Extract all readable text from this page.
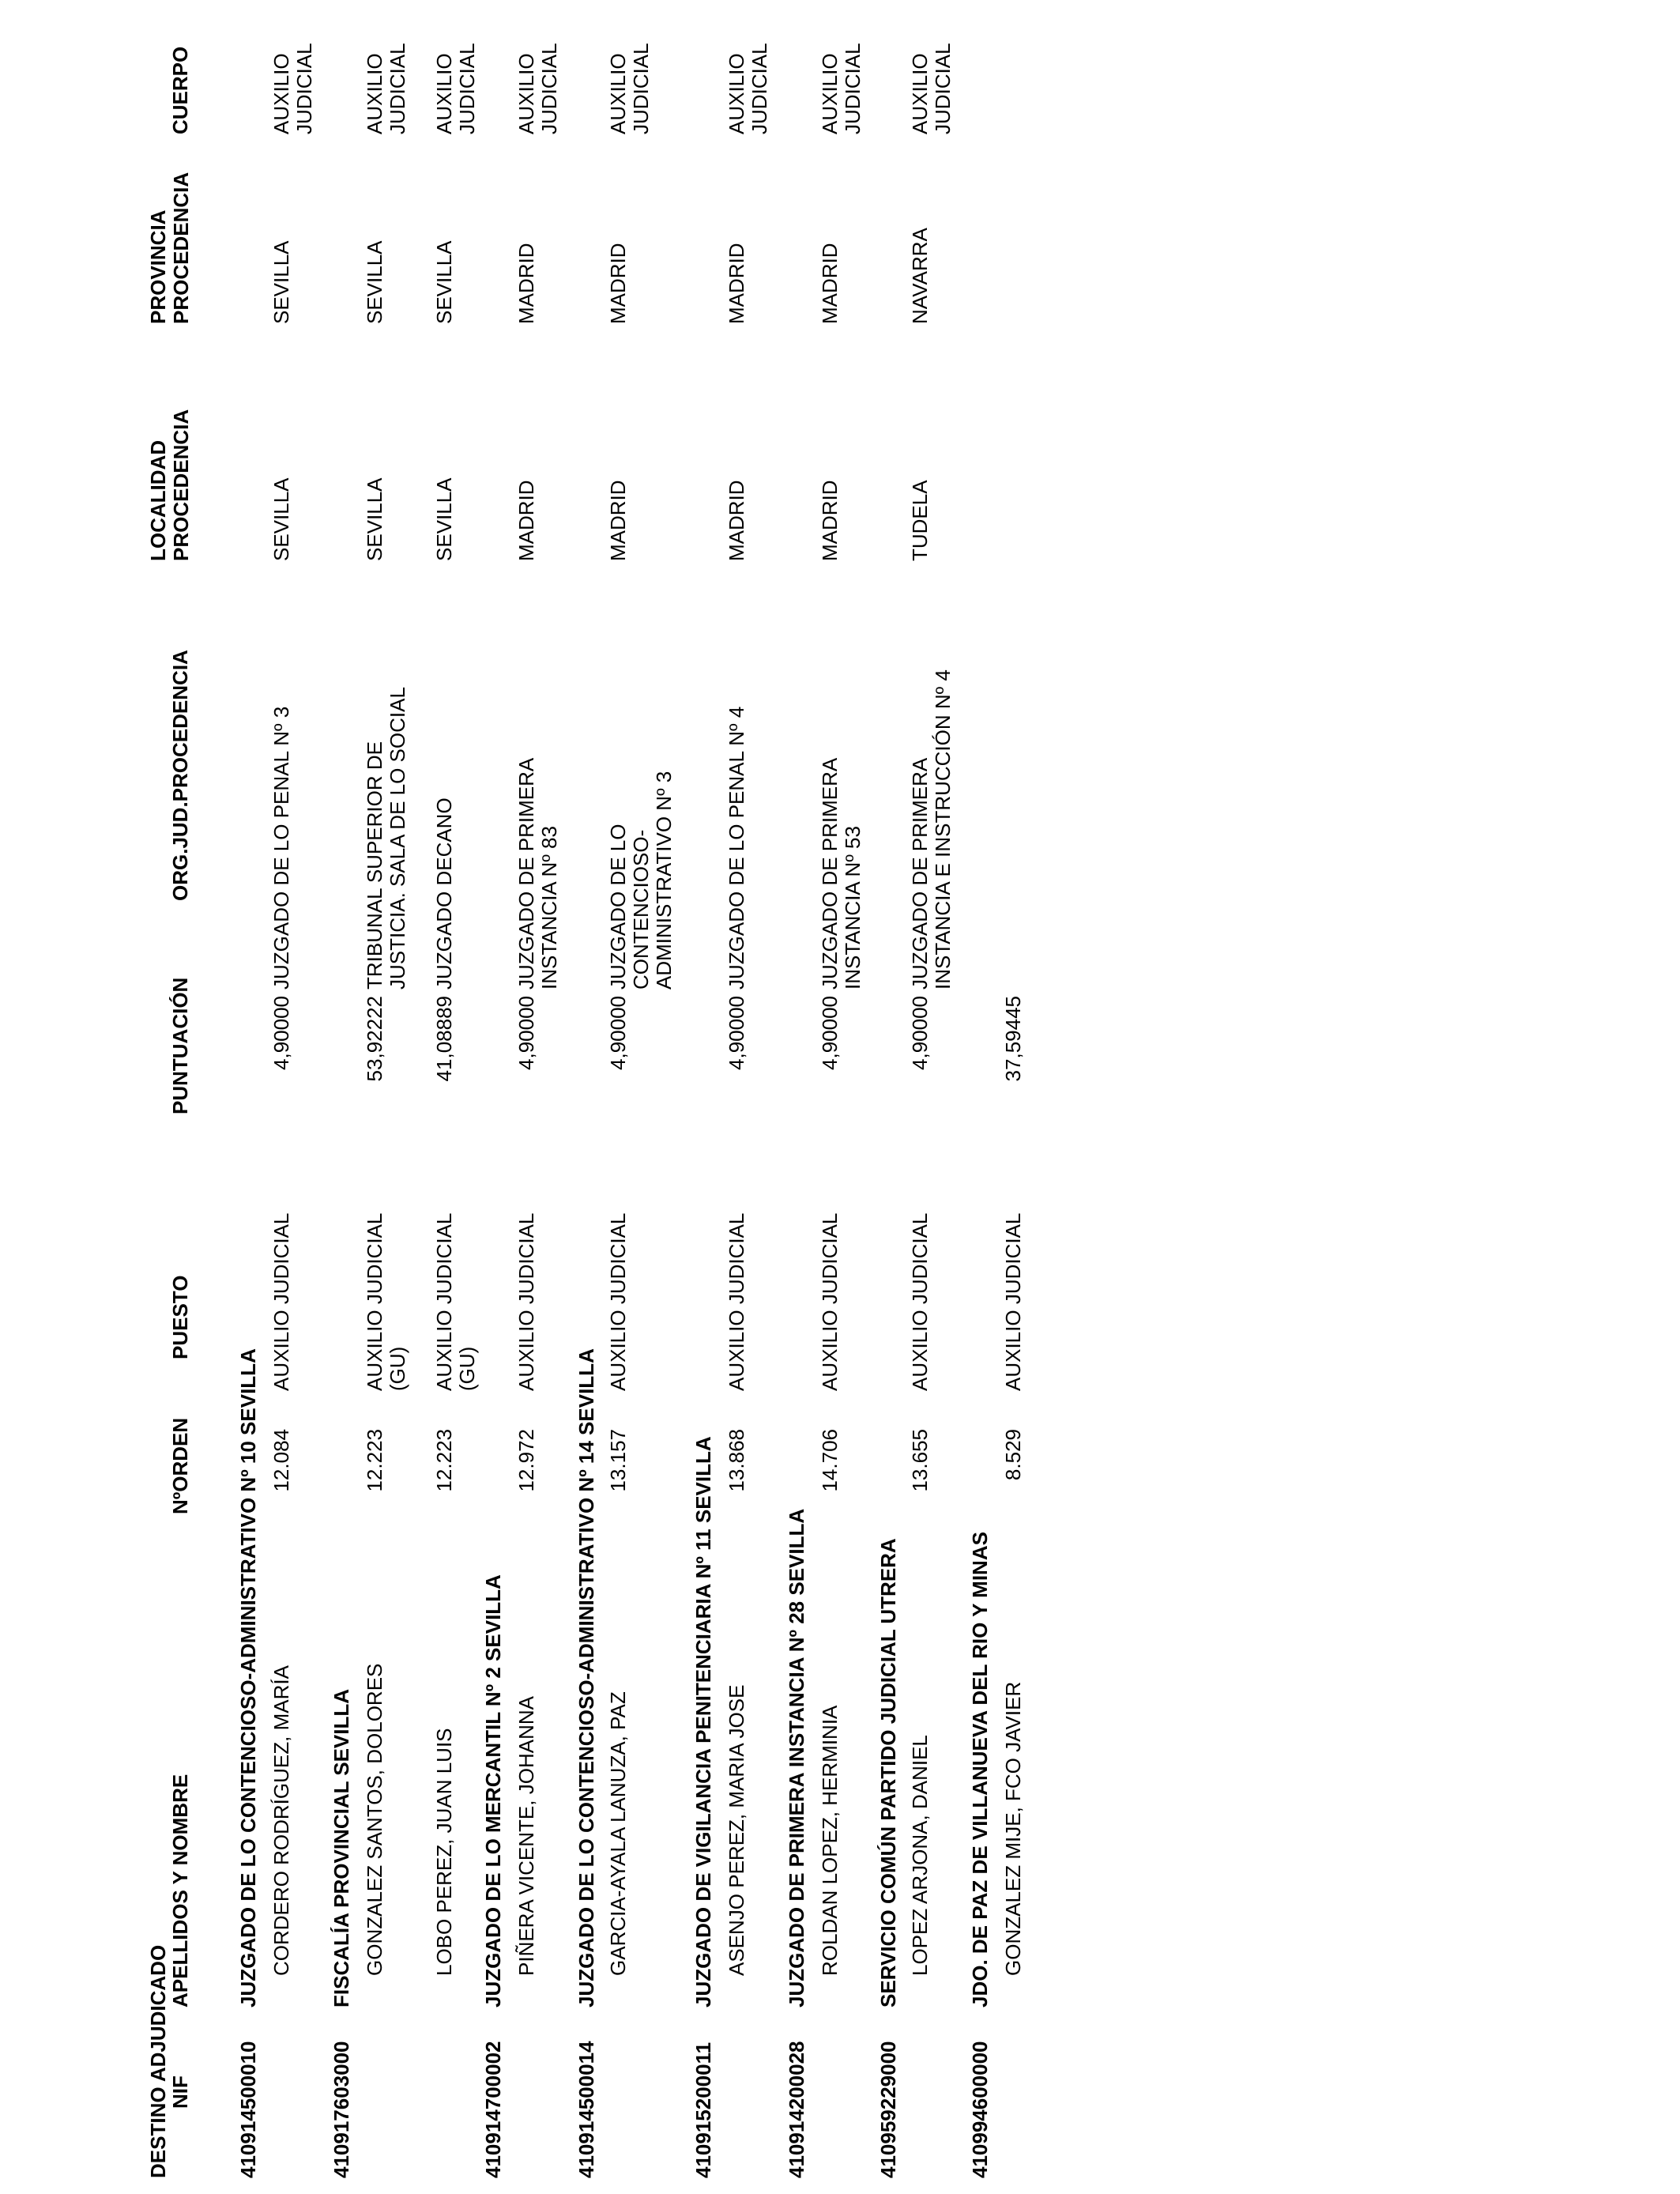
DESTINO ADJUDICADO
NIF
APELLIDOS Y NOMBRE
NºORDEN
PUESTO
PUNTUACIÓN
ORG.JUD.PROCEDENCIA
LOCALIDAD
PROCEDENCIA
PROVINCIA
PROCEDENCIA
CUERPO
410914500010
JUZGADO DE LO CONTENCIOSO-ADMINISTRATIVO Nº 10 SEVILLA CORDERO RODRÍGUEZ, MARÍA
12.084
AUXILIO JUDICIAL
4,90000
JUZGADO DE LO PENAL Nº 3
SEVILLA
SEVILLA
AUXILIO
JUDICIAL
410917603000
FISCALÍA PROVINCIAL SEVILLA GONZALEZ SANTOS, DOLORES
12.223
AUXILIO JUDICIAL
(GU)
53,92222
TRIBUNAL SUPERIOR DE
JUSTICIA. SALA DE LO SOCIAL
SEVILLA
SEVILLA
AUXILIO
JUDICIAL
LOBO PEREZ, JUAN LUIS
12.223
AUXILIO JUDICIAL
(GU)
41,08889
JUZGADO DECANO
SEVILLA
SEVILLA
AUXILIO
JUDICIAL
410914700002
JUZGADO DE LO MERCANTIL Nº 2 SEVILLA PIÑERA VICENTE, JOHANNA
12.972
AUXILIO JUDICIAL
4,90000
JUZGADO DE PRIMERA
INSTANCIA Nº 83
MADRID
MADRID
AUXILIO
JUDICIAL
410914500014
JUZGADO DE LO CONTENCIOSO-ADMINISTRATIVO Nº 14 SEVILLA GARCIA-AYALA LANUZA, PAZ
13.157
AUXILIO JUDICIAL
4,90000
JUZGADO DE LO
CONTENCIOSO-
ADMINISTRATIVO Nº 3
MADRID
MADRID
AUXILIO
JUDICIAL
410915200011
JUZGADO DE VIGILANCIA PENITENCIARIA Nº 11 SEVILLA ASENJO PEREZ, MARIA JOSE
13.868
AUXILIO JUDICIAL
4,90000
JUZGADO DE LO PENAL Nº 4
MADRID
MADRID
AUXILIO
JUDICIAL
410914200028
JUZGADO DE PRIMERA INSTANCIA Nº 28 SEVILLA ROLDAN LOPEZ, HERMINIA
14.706
AUXILIO JUDICIAL
4,90000
JUZGADO DE PRIMERA
INSTANCIA Nº 53
MADRID
MADRID
AUXILIO
JUDICIAL
410959229000
SERVICIO COMÚN PARTIDO JUDICIAL UTRERA LOPEZ ARJONA, DANIEL
13.655
AUXILIO JUDICIAL
4,90000
JUZGADO DE PRIMERA
INSTANCIA E INSTRUCCIÓN Nº 4
TUDELA
NAVARRA
AUXILIO
JUDICIAL
410994600000
JDO. DE PAZ DE VILLANUEVA DEL RIO Y MINAS GONZALEZ MIJE, FCO JAVIER
8.529
AUXILIO JUDICIAL
37,59445
